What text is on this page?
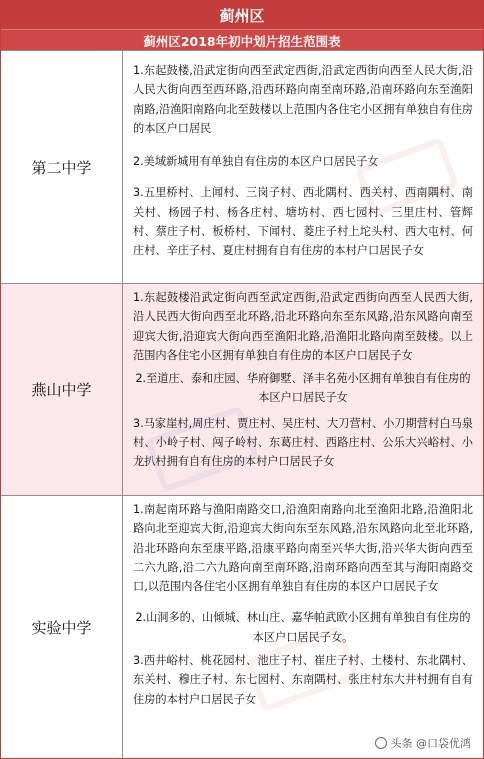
蓟州区
蓟州区2018年初中划片招生范围表
第二中学
1.东起鼓楼,沿武定街向西至武定西街,沿武定西街向西至人民大街,沿人民大街向西至西环路,沿西环路向南至南环路,沿南环路向东至渔阳南路,沿渔阳南路向北至鼓楼以上范围内各住宅小区拥有单独自有住房的本区户口居民
2.美域新城用有单独自有住房的本区户口居民子女
3.五里桥村、上闻村、三岗子村、西北隅村、西关村、西南隅村、南关村、杨园子村、杨各庄村、塘坊村、西七园村、三里庄村、管辉村、蔡庄子村、板桥村、下闻村、菱庄子村上坨头村、西大屯村、何庄村、辛庄子村、夏庄村拥有自有住房的本村户口居民子女
燕山中学
1.东起鼓楼沿武定街向西至武定西街,沿武定西街向西至人民西大街,沿人民西大街向西至北环路,沿北环路向东至东风路,沿东风路向南至迎宾大街,沿迎宾大街向西至渔阳北路,沿渔阳北路向南至鼓楼。以上范围内各住宅小区拥有单独自有住房的本区户口居民子女
2.至道庄、泰和庄园、华府御墅、泽丰名苑小区拥有单独自有住房的本区户口居民子女
3.马家崖村,周庄村、贾庄村、吴庄村、大刀营村、小刀期营村白马泉村、小岭子村、闯子岭村、东葛庄村、西路庄村、公乐大兴峪村、小龙扒村拥有自有住房的本村户口居民子女
实验中学
1.南起南环路与渔阳南路交口,沿渔阳南路向北至渔阳北路,沿渔阳北路向北至迎宾大街,沿迎宾大街向东至东风路,沿东风路向北至北环路,沿北环路向东至康平路,沿康平路向南至兴华大街,沿兴华大街向西至二六九路,沿二六九路向南至南环路,沿南环路向西至其与海阳南路交口,以范围内各住宅小区拥有单独自有住房的本区户口居民子女
2.山洞多的、山倾城、林山庄、嘉华帕武欧小区拥有单独自有住房的本区户口居民子女。
3.西井峪村、桃花园村、池庄子村、崔庄子村、土楼村、东北隅村、东关村、穆庄子村、东七园村、东南隅村、张庄村东大井村拥有自有住房的本村户口居民子女
头条 @口袋优鸿
